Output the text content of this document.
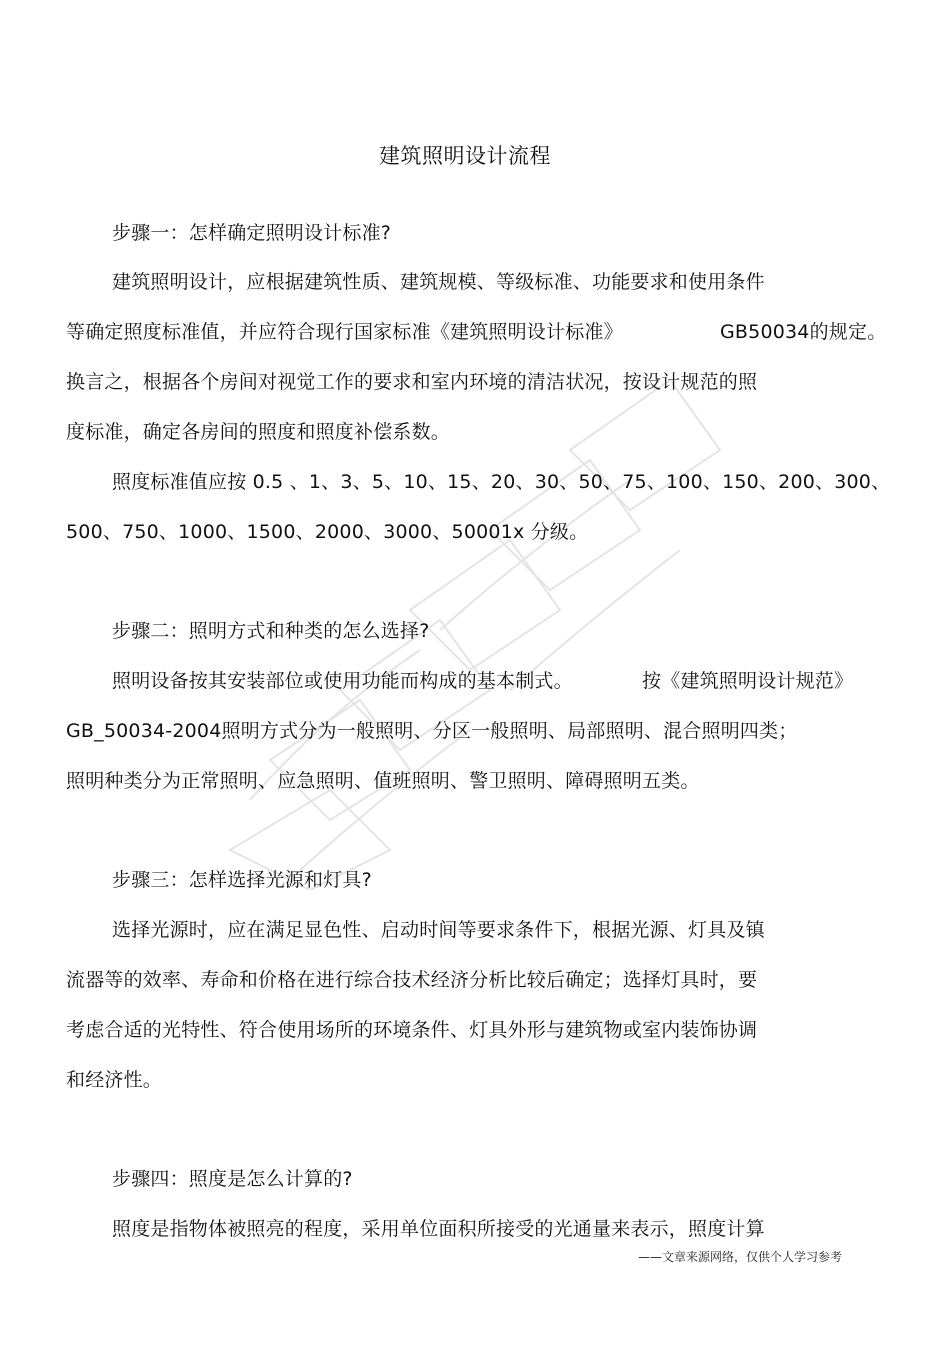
建筑照明设计流程
步骤一：怎样确定照明设计标准?
建筑照明设计，应根据建筑性质、建筑规模、等级标准、功能要求和使用条件
等确定照度标准值，并应符合现行国家标准《建筑照明设计标准》	GB50034的规定。
换言之，根据各个房间对视觉工作的要求和室内环境的清洁状况，按设计规范的照
度标准，确定各房间的照度和照度补偿系数。
照度标准值应按 0.5 、1、3、5、10、15、20、30、50、75、100、150、200、300、
500、750、1000、1500、2000、3000、50001x 分级。
步骤二：照明方式和种类的怎么选择?
照明设备按其安装部位或使用功能而构成的基本制式。	按《建筑照明设计规范》
GB_50034-2004照明方式分为一般照明、分区一般照明、局部照明、混合照明四类；
照明种类分为正常照明、应急照明、值班照明、警卫照明、障碍照明五类。
步骤三：怎样选择光源和灯具?
选择光源时，应在满足显色性、启动时间等要求条件下，根据光源、灯具及镇
流器等的效率、寿命和价格在进行综合技术经济分析比较后确定；选择灯具时，要
考虑合适的光特性、符合使用场所的环境条件、灯具外形与建筑物或室内装饰协调
和经济性。
步骤四：照度是怎么计算的?
照度是指物体被照亮的程度，采用单位面积所接受的光通量来表示，照度计算
——文章来源网络，仅供个人学习参考
